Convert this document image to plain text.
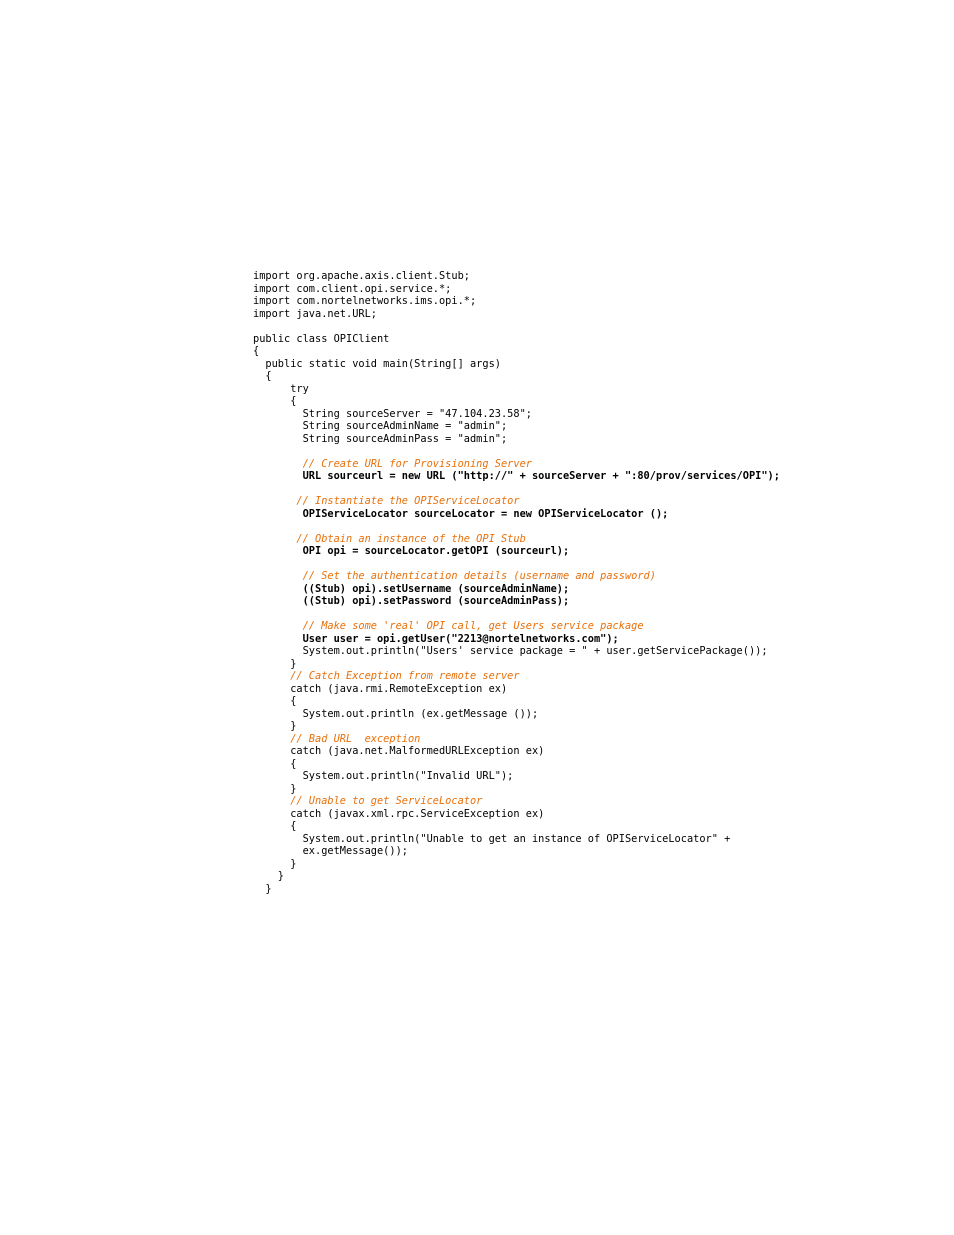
import org.apache.axis.client.Stub;
import com.client.opi.service.*;
import com.nortelnetworks.ims.opi.*;
import java.net.URL;
public class OPIClient
{
public static void main(String[] args)
{
try
{
String sourceServer = "47.104.23.58";
String sourceAdminName = "admin";
String sourceAdminPass = "admin";
// Create URL for Provisioning Server
URL sourceurl = new URL ("http://" + sourceServer + ":80/prov/services/OPI");
// Instantiate the OPIServiceLocator
OPIServiceLocator sourceLocator = new OPIServiceLocator ();
// Obtain an instance of the OPI Stub
OPI opi = sourceLocator.getOPI (sourceurl);
// Set the authentication details (username and password)
((Stub) opi).setUsername (sourceAdminName);
((Stub) opi).setPassword (sourceAdminPass);
// Make some 'real' OPI call, get Users service package
User user = opi.getUser("2213@nortelnetworks.com");
System.out.println("Users' service package = " + user.getServicePackage());
}
// Catch Exception from remote server
catch (java.rmi.RemoteException ex)
{
System.out.println (ex.getMessage ());
}
// Bad URL  exception
catch (java.net.MalformedURLException ex)
{
System.out.println("Invalid URL");
}
// Unable to get ServiceLocator
catch (javax.xml.rpc.ServiceException ex)
{
System.out.println("Unable to get an instance of OPIServiceLocator" +
ex.getMessage());
}
}
}
